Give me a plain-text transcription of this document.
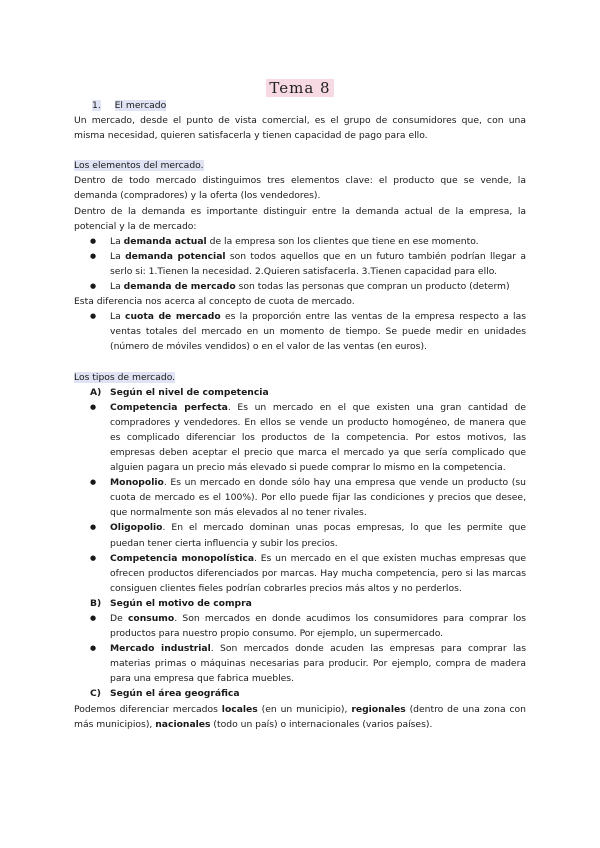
Tema 8

1. El mercado

Un mercado, desde el punto de vista comercial, es el grupo de consumidores que, con una misma necesidad, quieren satisfacerla y tienen capacidad de pago para ello.

Los elementos del mercado.

Dentro de todo mercado distinguimos tres elementos clave: el producto que se vende, la demanda (compradores) y la oferta (los vendedores).

Dentro de la demanda es importante distinguir entre la demanda actual de la empresa, la potencial y la de mercado:

● La demanda actual de la empresa son los clientes que tiene en ese momento.
● La demanda potencial son todos aquellos que en un futuro también podrían llegar a serlo si: 1.Tienen la necesidad. 2.Quieren satisfacerla. 3.Tienen capacidad para ello.
● La demanda de mercado son todas las personas que compran un producto (determ)

Esta diferencia nos acerca al concepto de cuota de mercado.

● La cuota de mercado es la proporción entre las ventas de la empresa respecto a las ventas totales del mercado en un momento de tiempo. Se puede medir en unidades (número de móviles vendidos) o en el valor de las ventas (en euros).

Los tipos de mercado.

A) Según el nivel de competencia
● Competencia perfecta. Es un mercado en el que existen una gran cantidad de compradores y vendedores. En ellos se vende un producto homogéneo, de manera que es complicado diferenciar los productos de la competencia. Por estos motivos, las empresas deben aceptar el precio que marca el mercado ya que sería complicado que alguien pagara un precio más elevado si puede comprar lo mismo en la competencia.
● Monopolio. Es un mercado en donde sólo hay una empresa que vende un producto (su cuota de mercado es el 100%). Por ello puede fijar las condiciones y precios que desee, que normalmente son más elevados al no tener rivales.
● Oligopolio. En el mercado dominan unas pocas empresas, lo que les permite que puedan tener cierta influencia y subir los precios.
● Competencia monopolística. Es un mercado en el que existen muchas empresas que ofrecen productos diferenciados por marcas. Hay mucha competencia, pero si las marcas consiguen clientes fieles podrían cobrarles precios más altos y no perderlos.
B) Según el motivo de compra
● De consumo. Son mercados en donde acudimos los consumidores para comprar los productos para nuestro propio consumo. Por ejemplo, un supermercado.
● Mercado industrial. Son mercados donde acuden las empresas para comprar las materias primas o máquinas necesarias para producir. Por ejemplo, compra de madera para una empresa que fabrica muebles.
C) Según el área geográfica

Podemos diferenciar mercados locales (en un municipio), regionales (dentro de una zona con más municipios), nacionales (todo un país) o internacionales (varios países).
